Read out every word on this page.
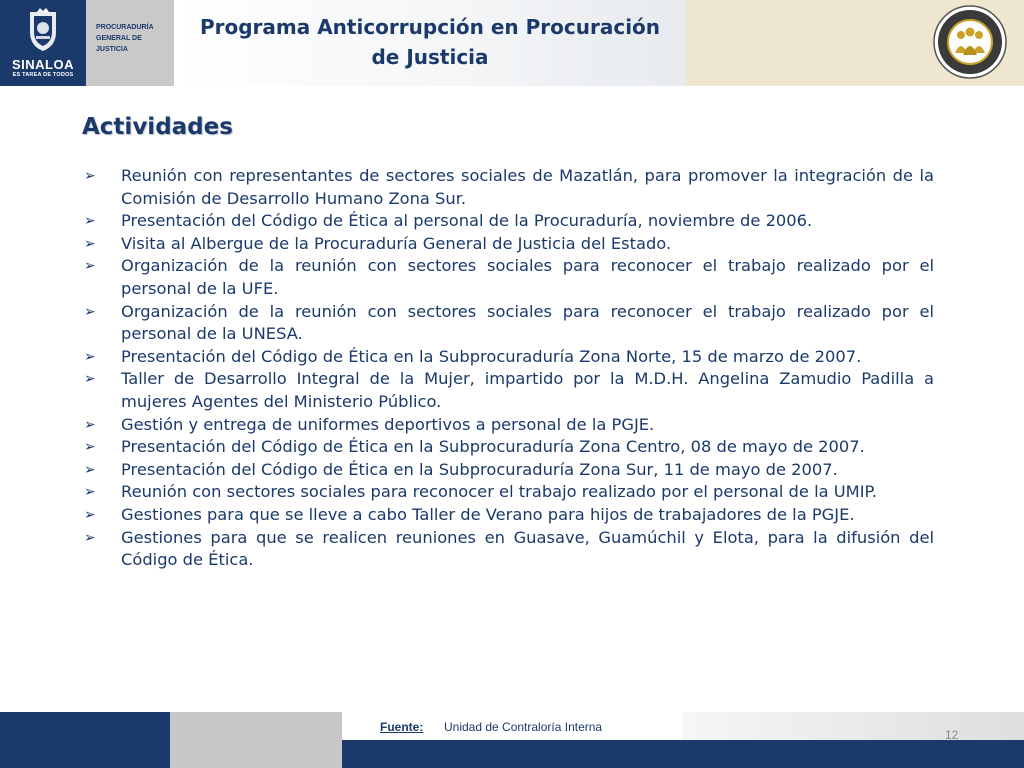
SINALOA
ES TAREA DE TODOS
PROCURADURÍA
GENERAL DE
JUSTICIA
Programa Anticorrupción en Procuración
de Justicia
Actividades
➢ Reunión con representantes de sectores sociales de Mazatlán, para promover la integración de la Comisión de Desarrollo Humano Zona Sur.
➢ Presentación del Código de Ética al personal de la Procuraduría, noviembre de 2006.
➢ Visita al Albergue de la Procuraduría General de Justicia del Estado.
➢ Organización de la reunión con sectores sociales para reconocer el trabajo realizado por el personal de la UFE.
➢ Organización de la reunión con sectores sociales para reconocer el trabajo realizado por el personal de la UNESA.
➢ Presentación del Código de Ética en la Subprocuraduría Zona Norte, 15 de marzo de 2007.
➢ Taller de Desarrollo Integral de la Mujer, impartido por la M.D.H. Angelina Zamudio Padilla a mujeres Agentes del Ministerio Público.
➢ Gestión y entrega de uniformes deportivos a personal de la PGJE.
➢ Presentación del Código de Ética en la Subprocuraduría Zona Centro, 08 de mayo de 2007.
➢ Presentación del Código de Ética en la Subprocuraduría Zona Sur, 11 de mayo de 2007.
➢ Reunión con sectores sociales para reconocer el trabajo realizado por el personal de la UMIP.
➢ Gestiones para que se lleve a cabo Taller de Verano para hijos de trabajadores de la PGJE.
➢ Gestiones para que se realicen reuniones en Guasave, Guamúchil y Elota, para la difusión del Código de Ética.
Fuente: Unidad de Contraloría Interna
12
